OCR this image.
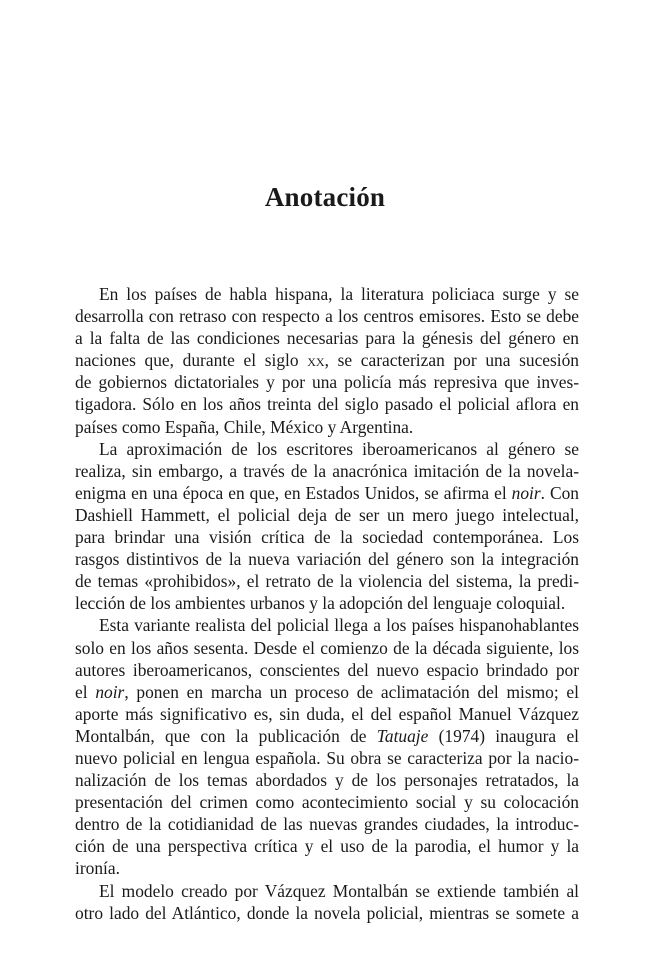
Anotación
En los países de habla hispana, la literatura policiaca surge y se
desarrolla con retraso con respecto a los centros emisores. Esto se debe
a la falta de las condiciones necesarias para la génesis del género en
naciones que, durante el siglo xx, se caracterizan por una sucesión
de gobiernos dictatoriales y por una policía más represiva que inves-
tigadora. Sólo en los años treinta del siglo pasado el policial aflora en
países como España, Chile, México y Argentina.
La aproximación de los escritores iberoamericanos al género se
realiza, sin embargo, a través de la anacrónica imitación de la novela-
enigma en una época en que, en Estados Unidos, se afirma el noir. Con
Dashiell Hammett, el policial deja de ser un mero juego intelectual,
para brindar una visión crítica de la sociedad contemporánea. Los
rasgos distintivos de la nueva variación del género son la integración
de temas «prohibidos», el retrato de la violencia del sistema, la predi-
lección de los ambientes urbanos y la adopción del lenguaje coloquial.
Esta variante realista del policial llega a los países hispanohablantes
solo en los años sesenta. Desde el comienzo de la década siguiente, los
autores iberoamericanos, conscientes del nuevo espacio brindado por
el noir, ponen en marcha un proceso de aclimatación del mismo; el
aporte más significativo es, sin duda, el del español Manuel Vázquez
Montalbán, que con la publicación de Tatuaje (1974) inaugura el
nuevo policial en lengua española. Su obra se caracteriza por la nacio-
nalización de los temas abordados y de los personajes retratados, la
presentación del crimen como acontecimiento social y su colocación
dentro de la cotidianidad de las nuevas grandes ciudades, la introduc-
ción de una perspectiva crítica y el uso de la parodia, el humor y la
ironía.
El modelo creado por Vázquez Montalbán se extiende también al
otro lado del Atlántico, donde la novela policial, mientras se somete a
